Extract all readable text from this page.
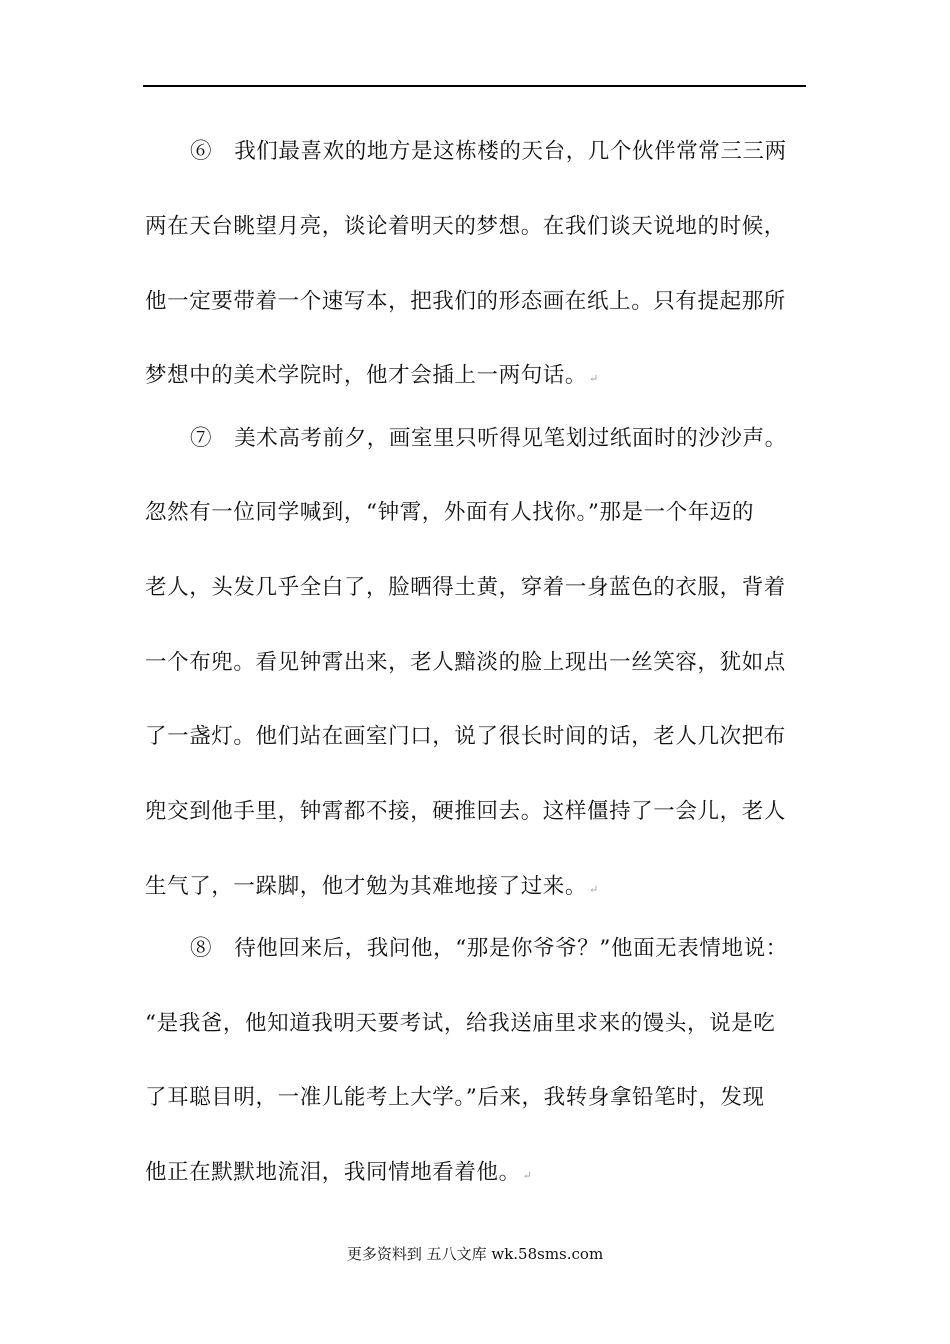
⑥　我们最喜欢的地方是这栋楼的天台，几个伙伴常常三三两
两在天台眺望月亮，谈论着明天的梦想。在我们谈天说地的时候，
他一定要带着一个速写本，把我们的形态画在纸上。只有提起那所
梦想中的美术学院时，他才会插上一两句话。 ↵
⑦　美术高考前夕，画室里只听得见笔划过纸面时的沙沙声。
忽然有一位同学喊到，“钟霄，外面有人找你。”那是一个年迈的
老人，头发几乎全白了，脸晒得土黄，穿着一身蓝色的衣服，背着
一个布兜。看见钟霄出来，老人黯淡的脸上现出一丝笑容，犹如点
了一盏灯。他们站在画室门口，说了很长时间的话，老人几次把布
兜交到他手里，钟霄都不接，硬推回去。这样僵持了一会儿，老人
生气了，一跺脚，他才勉为其难地接了过来。 ↵
⑧　待他回来后，我问他，“那是你爷爷？”他面无表情地说：
“是我爸，他知道我明天要考试，给我送庙里求来的馒头，说是吃
了耳聪目明，一准儿能考上大学。”后来，我转身拿铅笔时，发现
他正在默默地流泪，我同情地看着他。 ↵
更多资料到 五八文库 wk.58sms.com
